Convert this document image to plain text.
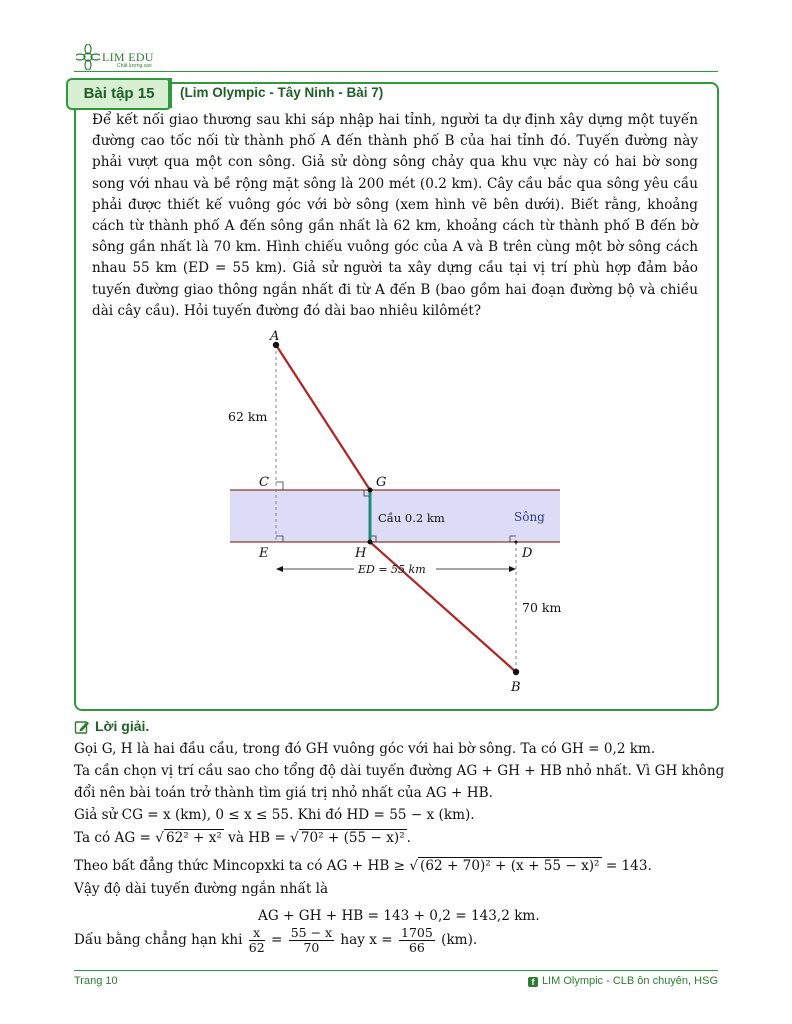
LIM EDU
Chất lượng cao
Bài tập 15	(Lim Olympic - Tây Ninh - Bài 7)

Để kết nối giao thương sau khi sáp nhập hai tỉnh, người ta dự định xây dựng một tuyến đường cao tốc nối từ thành phố A đến thành phố B của hai tỉnh đó. Tuyến đường này phải vượt qua một con sông. Giả sử dòng sông chảy qua khu vực này có hai bờ song song với nhau và bề rộng mặt sông là 200 mét (0.2 km). Cây cầu bắc qua sông yêu cầu phải được thiết kế vuông góc với bờ sông (xem hình vẽ bên dưới). Biết rằng, khoảng cách từ thành phố A đến sông gần nhất là 62 km, khoảng cách từ thành phố B đến bờ sông gần nhất là 70 km. Hình chiếu vuông góc của A và B trên cùng một bờ sông cách nhau 55 km (ED = 55 km). Giả sử người ta xây dựng cầu tại vị trí phù hợp đảm bảo tuyến đường giao thông ngắn nhất đi từ A đến B (bao gồm hai đoạn đường bộ và chiều dài cây cầu). Hỏi tuyến đường đó dài bao nhiêu kilômét?

A
B
C	G
E	H	D
62 km
70 km
Cầu 0.2 km	Sông
ED = 55 km
Lời giải.
Gọi G, H là hai đầu cầu, trong đó GH vuông góc với hai bờ sông. Ta có GH = 0,2 km.
Ta cần chọn vị trí cầu sao cho tổng độ dài tuyến đường AG + GH + HB nhỏ nhất. Vì GH không
đổi nên bài toán trở thành tìm giá trị nhỏ nhất của AG + HB.
Giả sử CG = x (km), 0 ≤ x ≤ 55. Khi đó HD = 55 − x (km).
Ta có AG = √ 62² + x² và HB = √ 70² + (55 − x)² .
Theo bất đẳng thức Mincopxki ta có AG + HB ≥ √ (62 + 70)² + (x + 55 − x)² = 143.
Vậy độ dài tuyến đường ngắn nhất là
AG + GH + HB = 143 + 0,2 = 143,2 km.
Dấu bằng chẳng hạn khi $\frac{x}{62} = \frac{55 - x}{70}$ hay $x = \frac{1705}{66} (km)$.
Trang 10	f LIM Olympic - CLB ôn chuyên, HSG
